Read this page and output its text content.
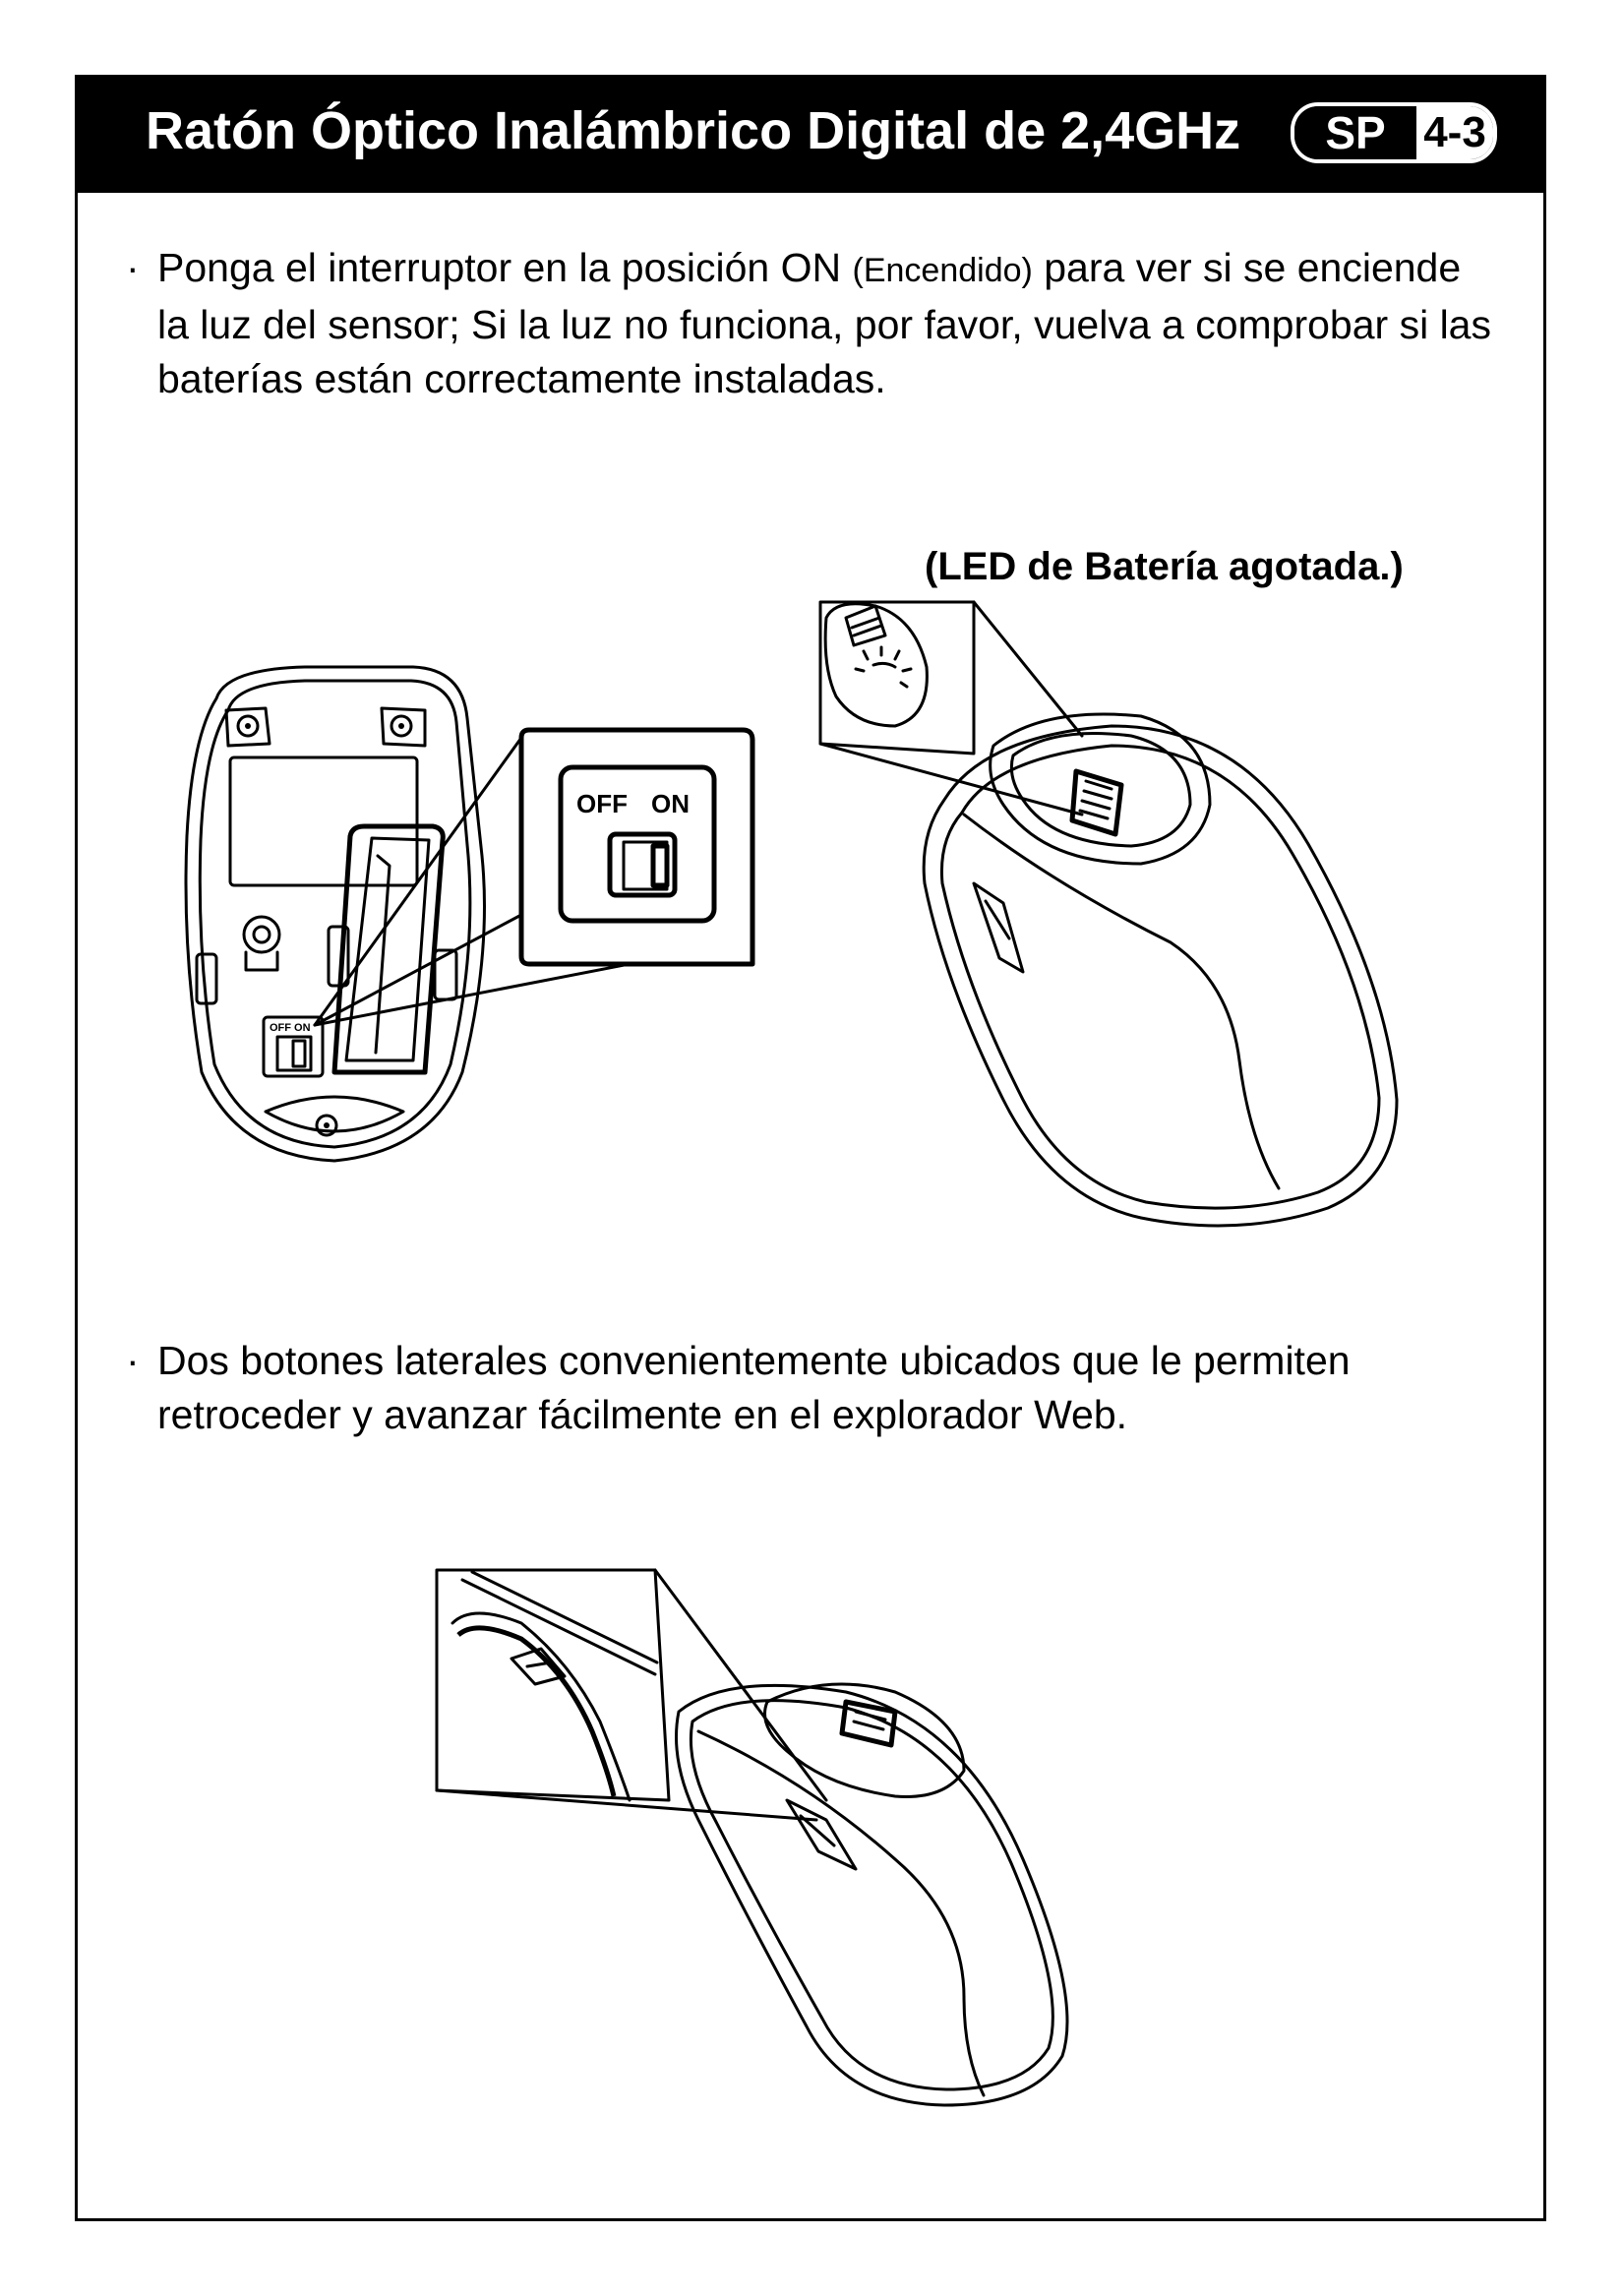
Ratón Óptico Inalámbrico Digital de 2,4GHz	SP 4-3
· Ponga el interruptor en la posición ON (Encendido) para ver si se enciende la luz del sensor; Si la luz no funciona, por favor, vuelva a comprobar si las baterías están correctamente instaladas.
(LED de Batería agotada.)
OFF ON
OFF ON
· Dos botones laterales convenientemente ubicados que le permiten retroceder y avanzar fácilmente en el explorador Web.
